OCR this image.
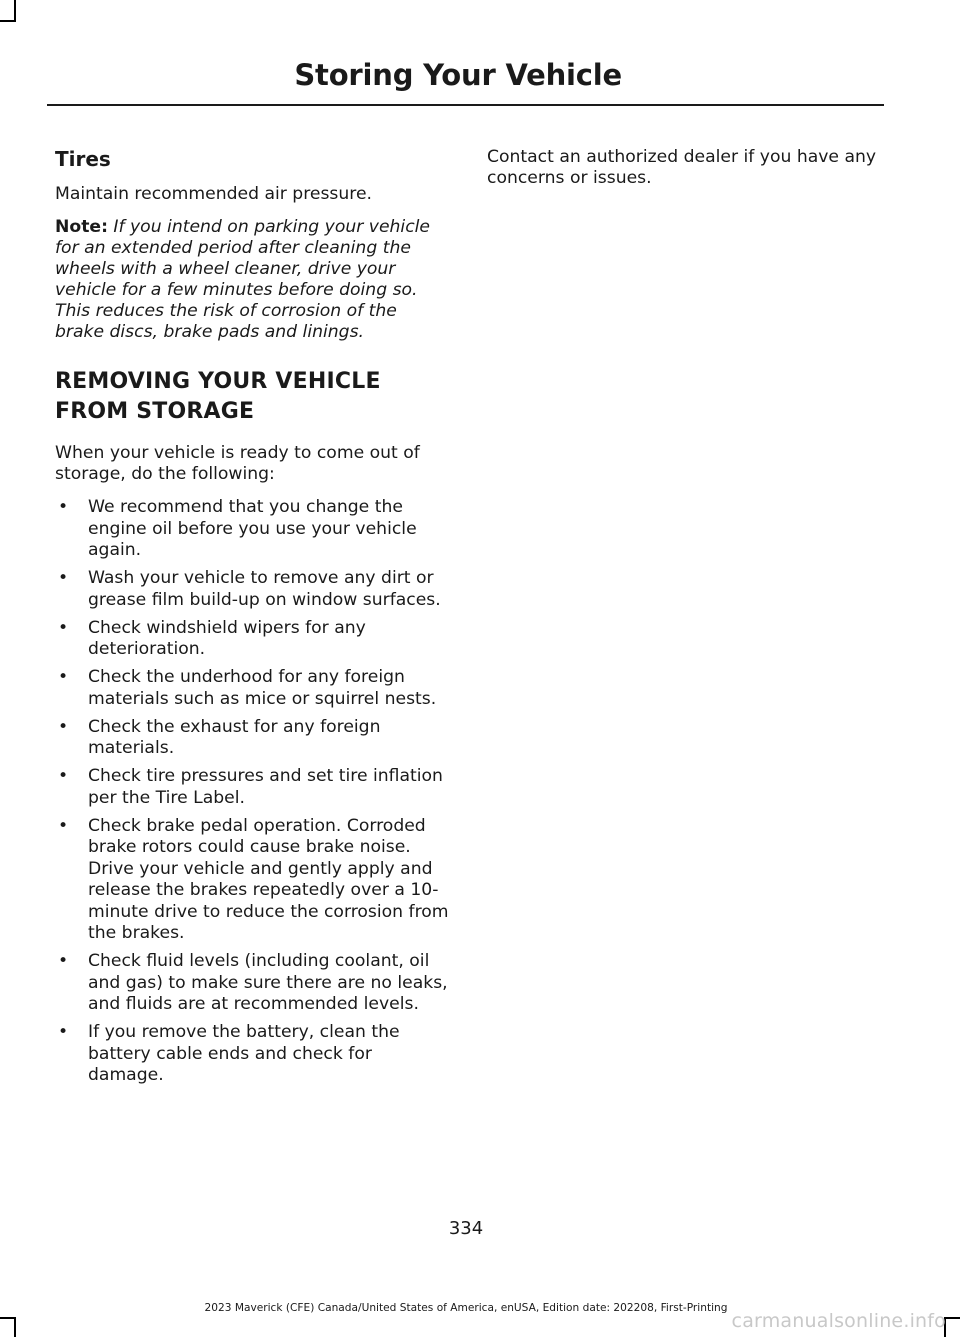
Storing Your Vehicle
Tires

Maintain recommended air pressure.

Note: If you intend on parking your vehicle for an extended period after cleaning the wheels with a wheel cleaner, drive your vehicle for a few minutes before doing so. This reduces the risk of corrosion of the brake discs, brake pads and linings.

REMOVING YOUR VEHICLE
FROM STORAGE

When your vehicle is ready to come out of storage, do the following:

• We recommend that you change the engine oil before you use your vehicle again.
• Wash your vehicle to remove any dirt or grease film build-up on window surfaces.
• Check windshield wipers for any deterioration.
• Check the underhood for any foreign materials such as mice or squirrel nests.
• Check the exhaust for any foreign materials.
• Check tire pressures and set tire inflation per the Tire Label.
• Check brake pedal operation. Corroded brake rotors could cause brake noise. Drive your vehicle and gently apply and release the brakes repeatedly over a 10-minute drive to reduce the corrosion from the brakes.
• Check fluid levels (including coolant, oil and gas) to make sure there are no leaks, and fluids are at recommended levels.
• If you remove the battery, clean the battery cable ends and check for damage.

Contact an authorized dealer if you have any concerns or issues.

334
2023 Maverick (CFE) Canada/United States of America, enUSA, Edition date: 202208, First-Printing
carmanualsonline.info
